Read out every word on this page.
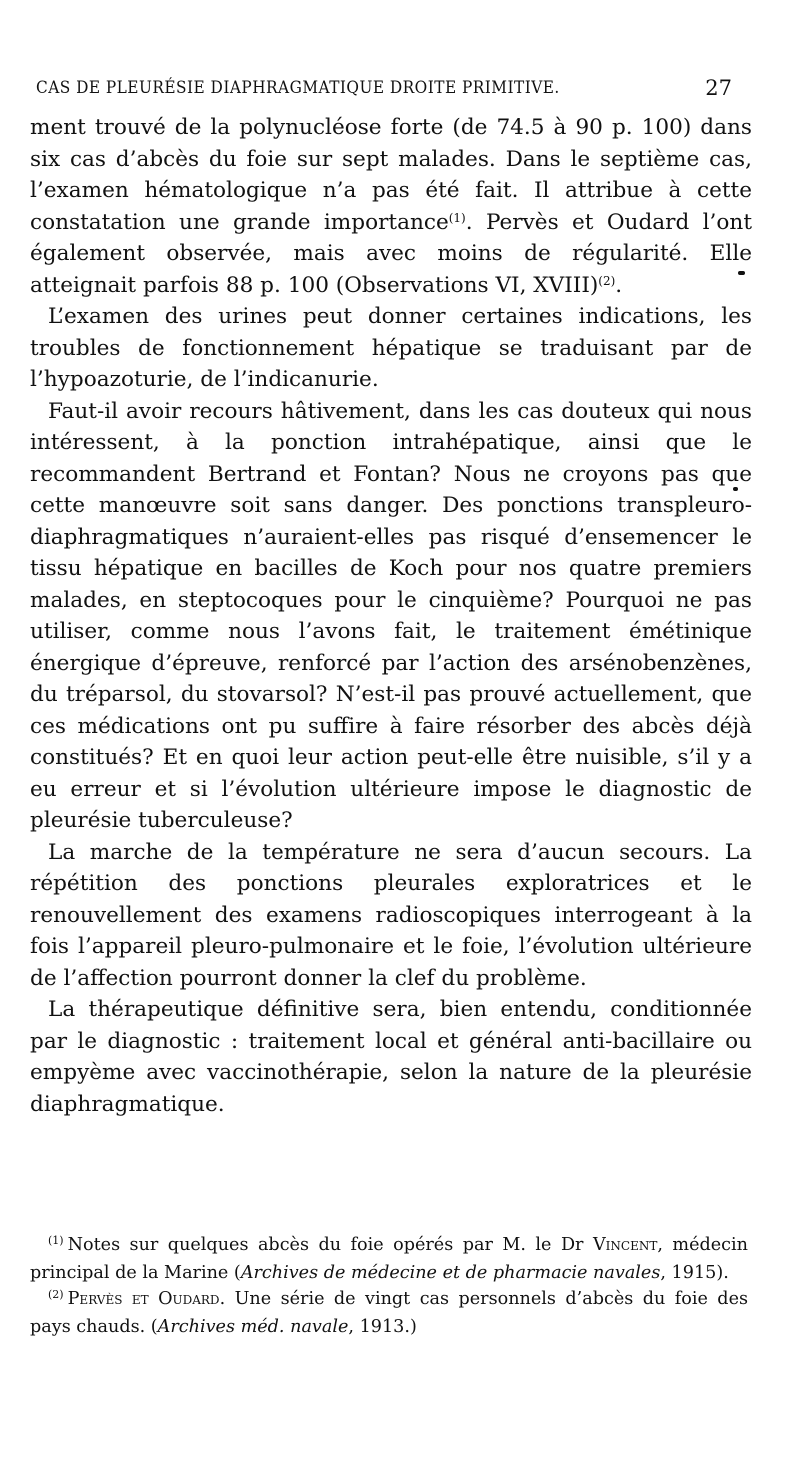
CAS DE PLEURÉSIE DIAPHRAGMATIQUE DROITE PRIMITIVE.	27

ment trouvé de la polynucléose forte (de 74.5 à 90 p. 100) dans six cas d’abcès du foie sur sept malades. Dans le septième cas, l’examen hématologique n’a pas été fait. Il attribue à cette constatation une grande importance$^{(1)}$. Pervès et Oudard l’ont également observée, mais avec moins de régularité. Elle atteignait parfois 88 p. 100 (Observations VI, XVIII)$^{(2)}$.

L’examen des urines peut donner certaines indications, les troubles de fonctionnement hépatique se traduisant par de l’hypoazoturie, de l’indicanurie.

Faut-il avoir recours hâtivement, dans les cas douteux qui nous intéressent, à la ponction intrahépatique, ainsi que le recommandent Bertrand et Fontan? Nous ne croyons pas que cette manœuvre soit sans danger. Des ponctions transpleuro-diaphragmatiques n’auraient-elles pas risqué d’ensemencer le tissu hépatique en bacilles de Koch pour nos quatre premiers malades, en steptocoques pour le cinquième? Pourquoi ne pas utiliser, comme nous l’avons fait, le traitement émétinique énergique d’épreuve, renforcé par l’action des arsénobenzènes, du tréparsol, du stovarsol? N’est-il pas prouvé actuellement, que ces médications ont pu suffire à faire résorber des abcès déjà constitués? Et en quoi leur action peut-elle être nuisible, s’il y a eu erreur et si l’évolution ultérieure impose le diagnostic de pleurésie tuberculeuse?

La marche de la température ne sera d’aucun secours. La répétition des ponctions pleurales exploratrices et le renouvellement des examens radioscopiques interrogeant à la fois l’appareil pleuro-pulmonaire et le foie, l’évolution ultérieure de l’affection pourront donner la clef du problème.

La thérapeutique définitive sera, bien entendu, conditionnée par le diagnostic : traitement local et général anti-bacillaire ou empyème avec vaccinothérapie, selon la nature de la pleurésie diaphragmatique.

$^{(1)}$ Notes sur quelques abcès du foie opérés par M. le Dr Vincent, médecin principal de la Marine (Archives de médecine et de pharmacie navales, 1915).

$^{(2)}$ Pervès et Oudard. Une série de vingt cas personnels d’abcès du foie des pays chauds. (Archives méd. navale, 1913.)
